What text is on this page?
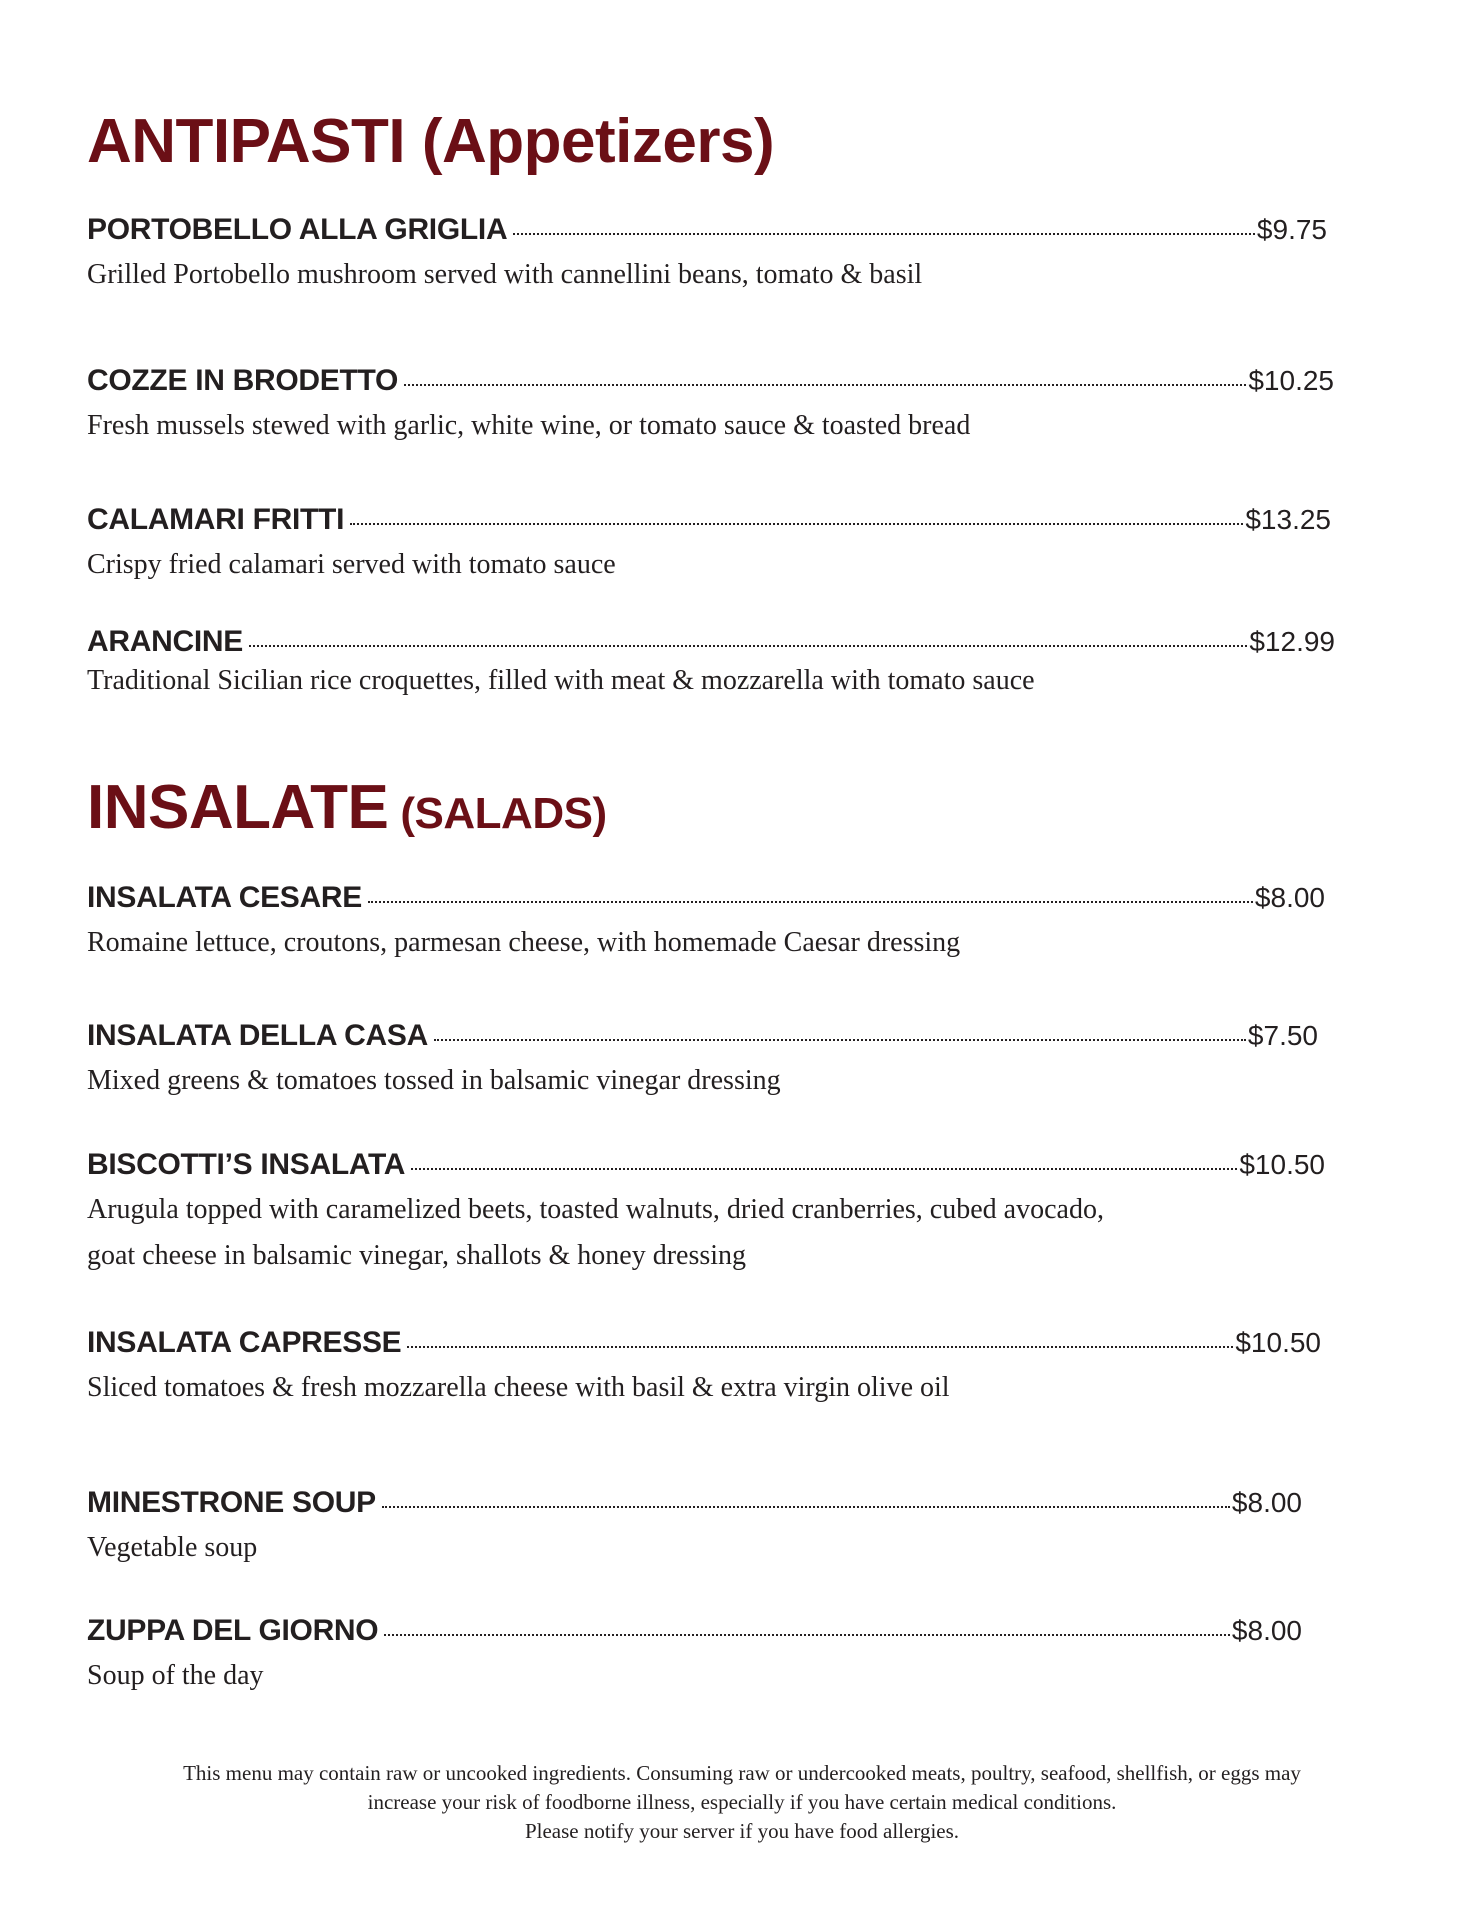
ANTIPASTI (Appetizers)
PORTOBELLO ALLA GRIGLIA	$9.75
Grilled Portobello mushroom served with cannellini beans, tomato & basil
COZZE IN BRODETTO	$10.25
Fresh mussels stewed with garlic, white wine, or tomato sauce & toasted bread
CALAMARI FRITTI	$13.25
Crispy fried calamari served with tomato sauce
ARANCINE	$12.99
Traditional Sicilian rice croquettes, filled with meat & mozzarella with tomato sauce
INSALATE (SALADS)
INSALATA CESARE	$8.00
Romaine lettuce, croutons, parmesan cheese, with homemade Caesar dressing
INSALATA DELLA CASA	$7.50
Mixed greens & tomatoes tossed in balsamic vinegar dressing
BISCOTTI’S INSALATA	$10.50
Arugula topped with caramelized beets, toasted walnuts, dried cranberries, cubed avocado,
goat cheese in balsamic vinegar, shallots & honey dressing
INSALATA CAPRESSE	$10.50
Sliced tomatoes & fresh mozzarella cheese with basil & extra virgin olive oil
MINESTRONE SOUP	$8.00
Vegetable soup
ZUPPA DEL GIORNO	$8.00
Soup of the day
This menu may contain raw or uncooked ingredients. Consuming raw or undercooked meats, poultry, seafood, shellfish, or eggs may
increase your risk of foodborne illness, especially if you have certain medical conditions.
Please notify your server if you have food allergies.
